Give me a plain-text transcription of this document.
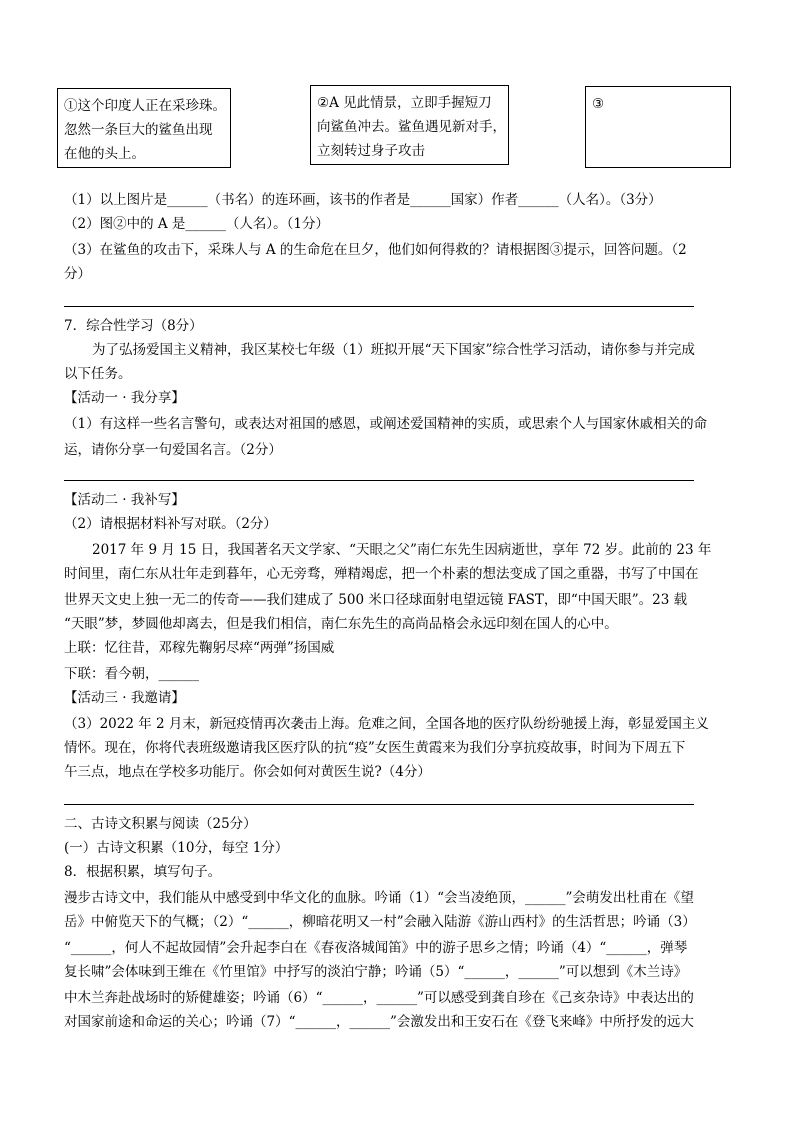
①这个印度人正在采珍珠。
忽然一条巨大的鲨鱼出现
在他的头上。
②A 见此情景，立即手握短刀
向鲨鱼冲去。鲨鱼遇见新对手，
立刻转过身子攻击
③
（1）以上图片是______（书名）的连环画，该书的作者是______国家）作者______（人名）。（3分）
（2）图②中的 A 是______（人名）。（1分）
（3）在鲨鱼的攻击下，采珠人与 A 的生命危在旦夕，他们如何得救的？请根据图③提示，回答问题。（2
分）
7．综合性学习（8分）
为了弘扬爱国主义精神，我区某校七年级（1）班拟开展“天下国家”综合性学习活动，请你参与并完成
以下任务。
【活动一 · 我分享】
（1）有这样一些名言警句，或表达对祖国的感恩，或阐述爱国精神的实质，或思索个人与国家休戚相关的命
运，请你分享一句爱国名言。（2分）
【活动二 · 我补写】
（2）请根据材料补写对联。（2分）
2017 年 9 月 15 日，我国著名天文学家、“天眼之父”南仁东先生因病逝世，享年 72 岁。此前的 23 年
时间里，南仁东从壮年走到暮年，心无旁骛，殚精竭虑，把一个朴素的想法变成了国之重器，书写了中国在
世界天文史上独一无二的传奇——我们建成了 500 米口径球面射电望远镜 FAST，即“中国天眼”。23 载
“天眼”梦，梦圆他却离去，但是我们相信，南仁东先生的高尚品格会永远印刻在国人的心中。
上联：忆往昔，邓稼先鞠躬尽瘁“两弹”扬国威
下联：看今朝，______
【活动三 · 我邀请】
（3）2022 年 2 月末，新冠疫情再次袭击上海。危难之间，全国各地的医疗队纷纷驰援上海，彰显爱国主义
情怀。现在，你将代表班级邀请我区医疗队的抗“疫”女医生黄霞来为我们分享抗疫故事，时间为下周五下
午三点，地点在学校多功能厅。你会如何对黄医生说?（4分）
二、古诗文积累与阅读（25分）
(一）古诗文积累（10分，每空 1分）
8．根据积累，填写句子。
漫步古诗文中，我们能从中感受到中华文化的血脉。吟诵（1）“会当凌绝顶，______”会萌发出杜甫在《望
岳》中俯览天下的气概；（2）“______，柳暗花明又一村”会融入陆游《游山西村》的生活哲思；吟诵（3）
“______，何人不起故园情”会升起李白在《春夜洛城闻笛》中的游子思乡之情；吟诵（4）“______，弹琴
复长啸”会体味到王维在《竹里馆》中抒写的淡泊宁静；吟诵（5）“______，______”可以想到《木兰诗》
中木兰奔赴战场时的矫健雄姿；吟诵（6）“______，______”可以感受到龚自珍在《己亥杂诗》中表达出的
对国家前途和命运的关心；吟诵（7）“______，______”会激发出和王安石在《登飞来峰》中所抒发的远大
